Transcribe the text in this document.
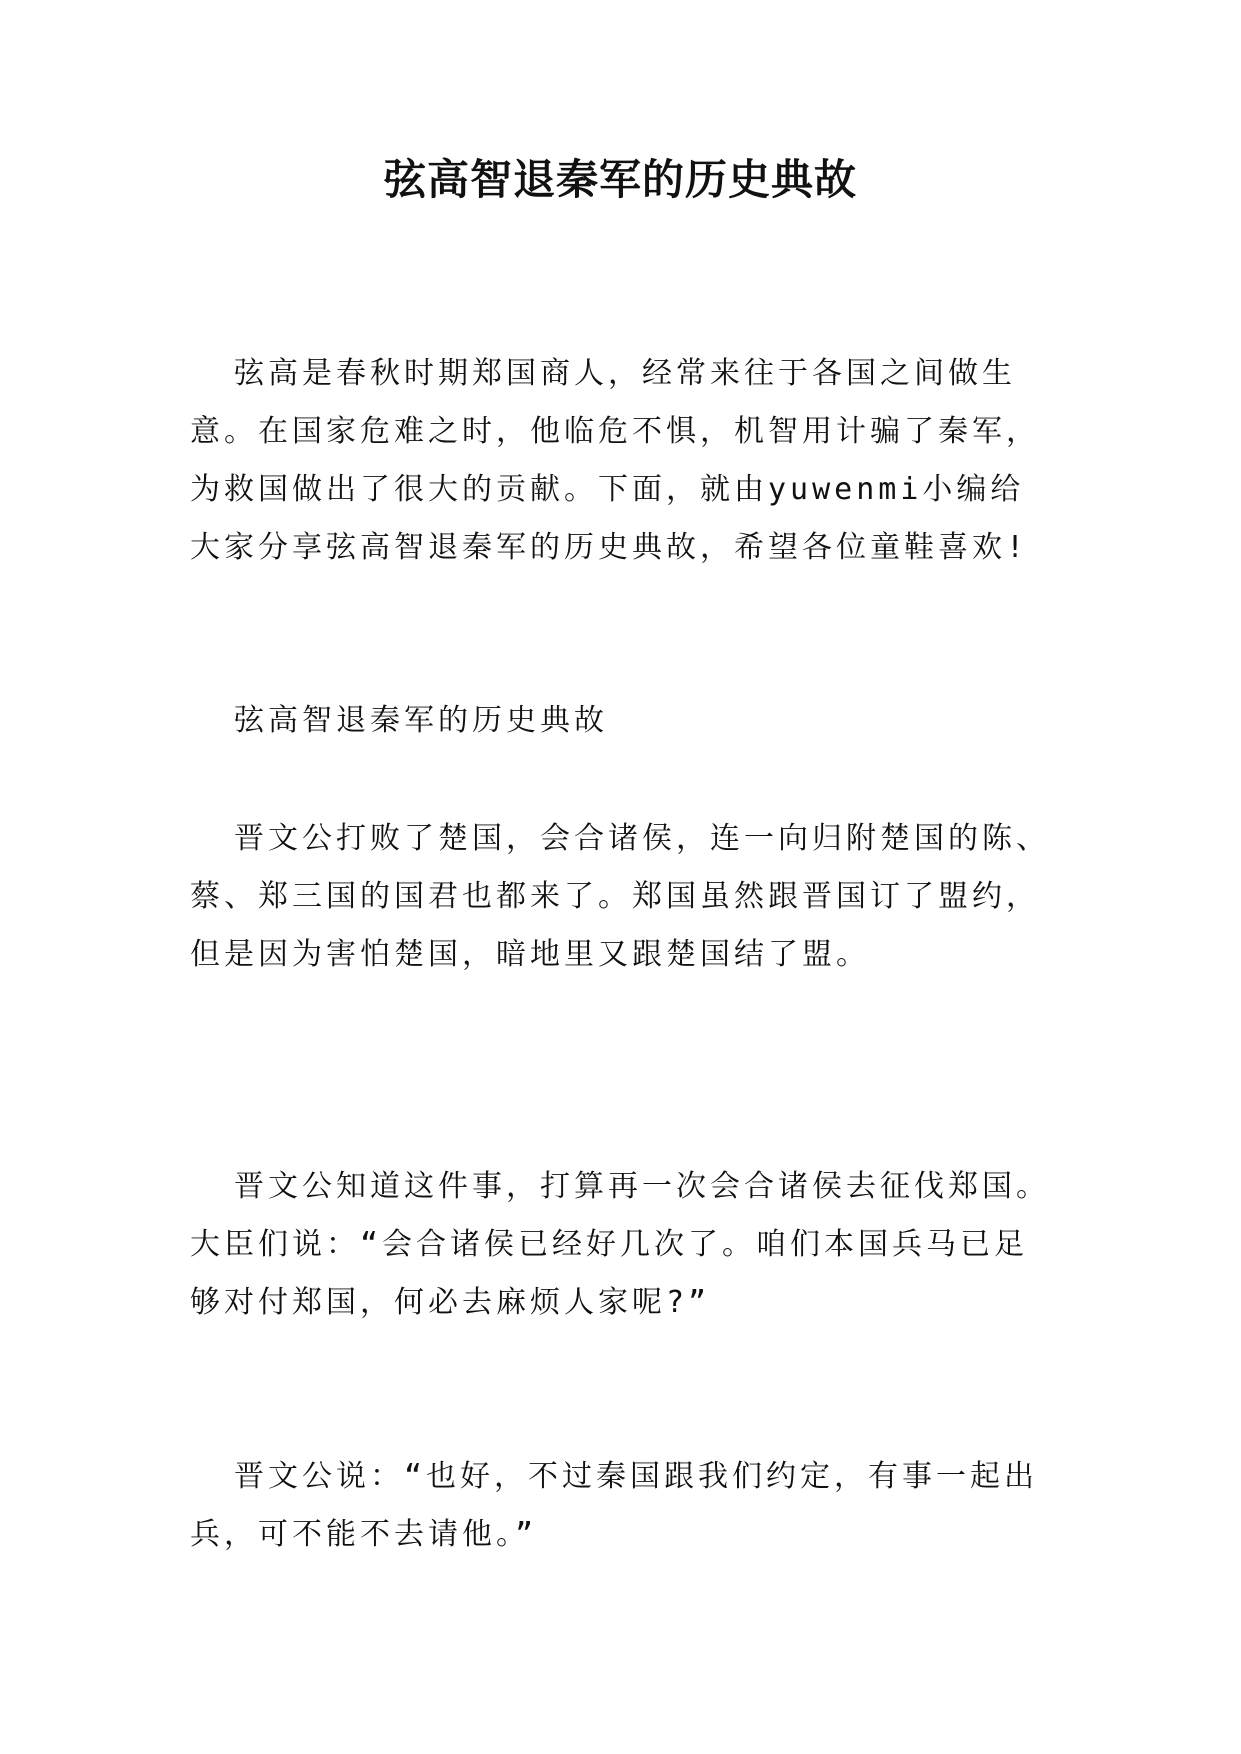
弦高智退秦军的历史典故

弦高是春秋时期郑国商人，经常来往于各国之间做生意。在国家危难之时，他临危不惧，机智用计骗了秦军，为救国做出了很大的贡献。下面，就由yuwenmi小编给大家分享弦高智退秦军的历史典故，希望各位童鞋喜欢!

弦高智退秦军的历史典故

晋文公打败了楚国，会合诸侯，连一向归附楚国的陈、蔡、郑三国的国君也都来了。郑国虽然跟晋国订了盟约，但是因为害怕楚国，暗地里又跟楚国结了盟。

晋文公知道这件事，打算再一次会合诸侯去征伐郑国。大臣们说：“会合诸侯已经好几次了。咱们本国兵马已足够对付郑国，何必去麻烦人家呢?”

晋文公说：“也好，不过秦国跟我们约定，有事一起出兵，可不能不去请他。”
